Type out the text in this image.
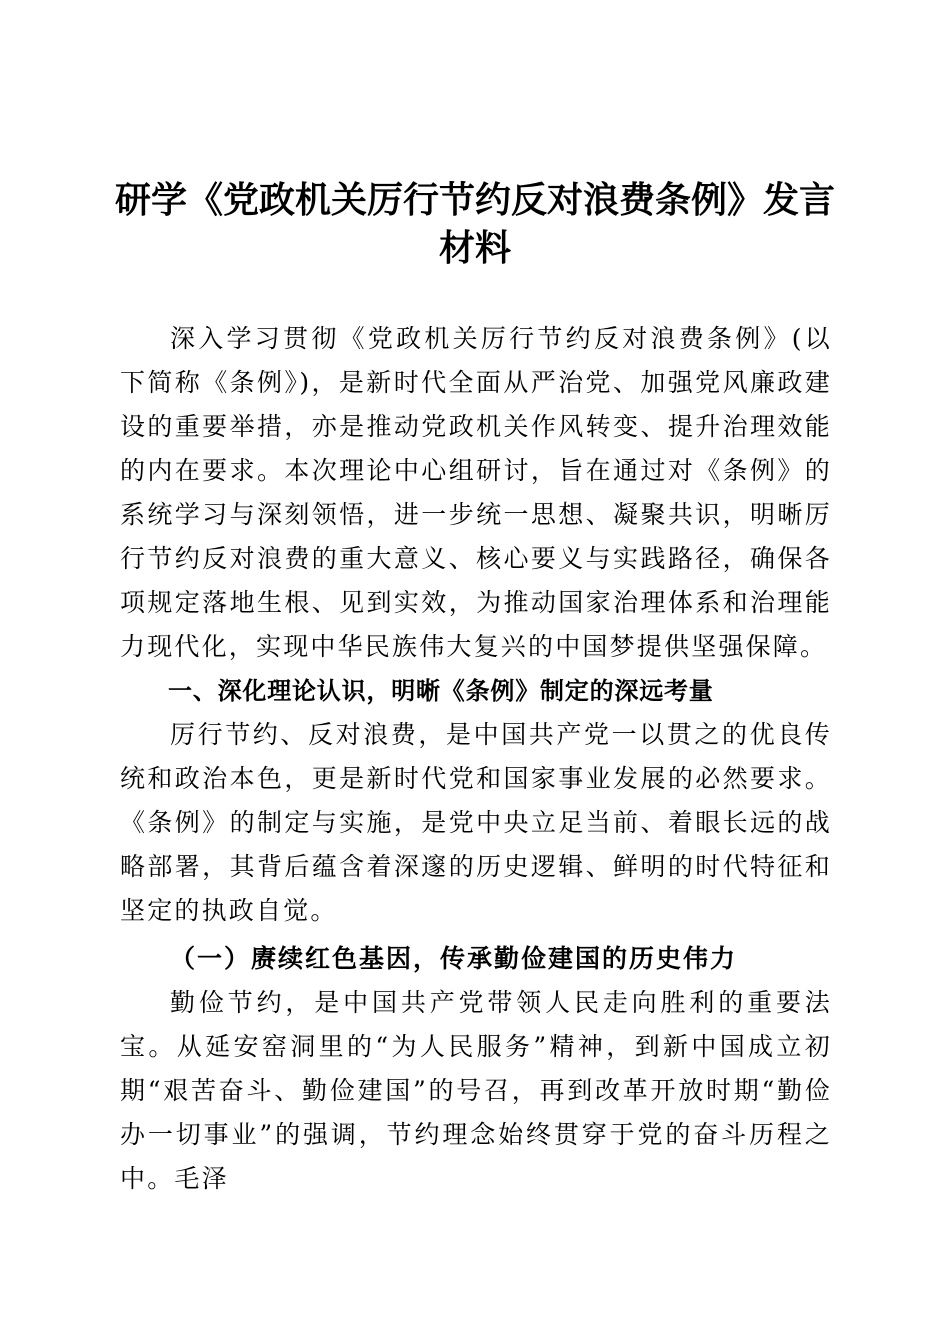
研学《党政机关厉行节约反对浪费条例》发言
材料

深入学习贯彻《党政机关厉行节约反对浪费条例》(以下简称《条例》)，是新时代全面从严治党、加强党风廉政建设的重要举措，亦是推动党政机关作风转变、提升治理效能的内在要求。本次理论中心组研讨，旨在通过对《条例》的系统学习与深刻领悟，进一步统一思想、凝聚共识，明晰厉行节约反对浪费的重大意义、核心要义与实践路径，确保各项规定落地生根、见到实效，为推动国家治理体系和治理能力现代化，实现中华民族伟大复兴的中国梦提供坚强保障。

一、深化理论认识，明晰《条例》制定的深远考量

厉行节约、反对浪费，是中国共产党一以贯之的优良传统和政治本色，更是新时代党和国家事业发展的必然要求。《条例》的制定与实施，是党中央立足当前、着眼长远的战略部署，其背后蕴含着深邃的历史逻辑、鲜明的时代特征和坚定的执政自觉。

（一）赓续红色基因，传承勤俭建国的历史伟力

勤俭节约，是中国共产党带领人民走向胜利的重要法宝。从延安窑洞里的“为人民服务”精神，到新中国成立初期“艰苦奋斗、勤俭建国”的号召，再到改革开放时期“勤俭办一切事业”的强调，节约理念始终贯穿于党的奋斗历程之中。毛泽
